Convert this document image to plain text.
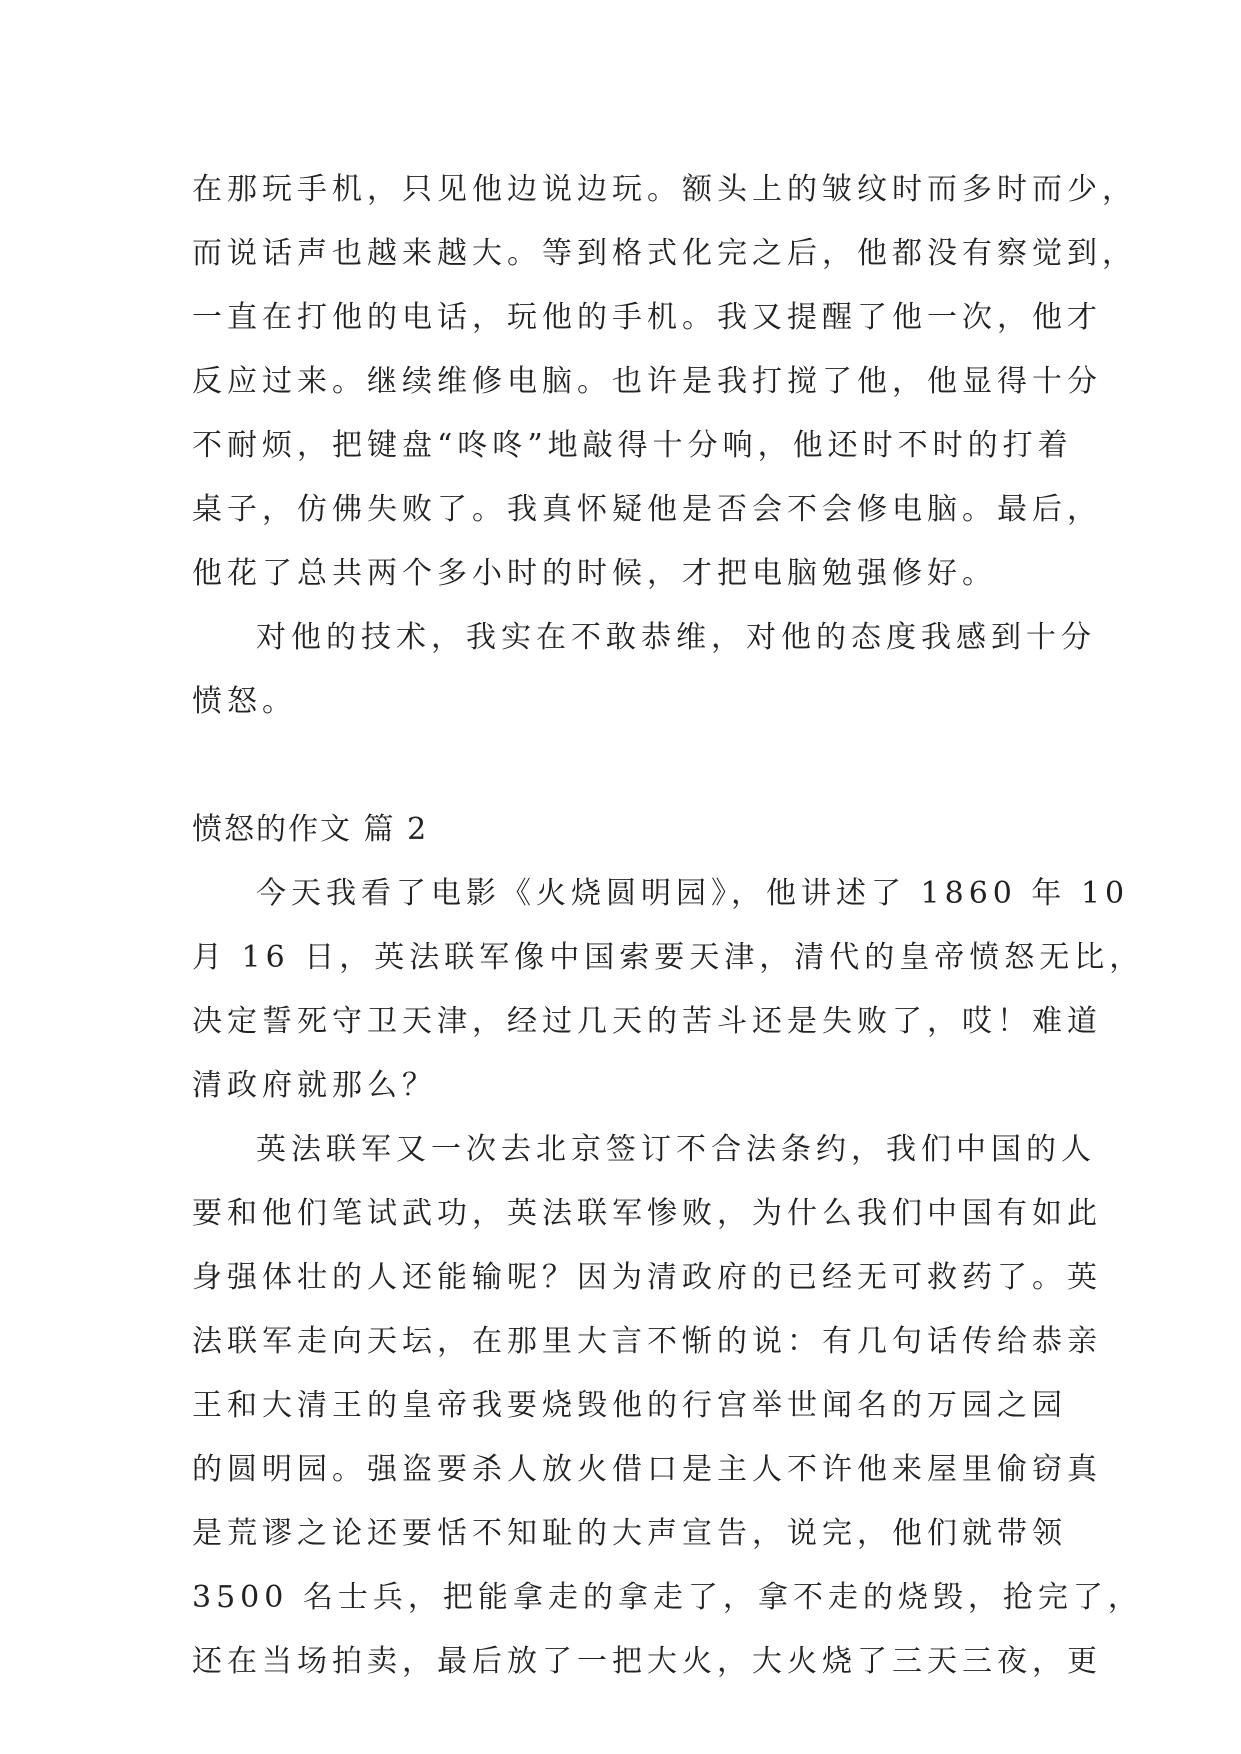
在那玩手机，只见他边说边玩。额头上的皱纹时而多时而少，
而说话声也越来越大。等到格式化完之后，他都没有察觉到，
一直在打他的电话，玩他的手机。我又提醒了他一次，他才
反应过来。继续维修电脑。也许是我打搅了他，他显得十分
不耐烦，把键盘“咚咚”地敲得十分响，他还时不时的打着
桌子，仿佛失败了。我真怀疑他是否会不会修电脑。最后，
他花了总共两个多小时的时候，才把电脑勉强修好。
对他的技术，我实在不敢恭维，对他的态度我感到十分
愤怒。
愤怒的作文 篇 2
今天我看了电影《火烧圆明园》，他讲述了 1860 年 10
月 16 日，英法联军像中国索要天津，清代的皇帝愤怒无比，
决定誓死守卫天津，经过几天的苦斗还是失败了，哎！难道
清政府就那么？
英法联军又一次去北京签订不合法条约，我们中国的人
要和他们笔试武功，英法联军惨败，为什么我们中国有如此
身强体壮的人还能输呢？因为清政府的已经无可救药了。英
法联军走向天坛，在那里大言不惭的说：有几句话传给恭亲
王和大清王的皇帝我要烧毁他的行宫举世闻名的万园之园
的圆明园。强盗要杀人放火借口是主人不许他来屋里偷窃真
是荒谬之论还要恬不知耻的大声宣告，说完，他们就带领
3500 名士兵，把能拿走的拿走了，拿不走的烧毁，抢完了，
还在当场拍卖，最后放了一把大火，大火烧了三天三夜，更
